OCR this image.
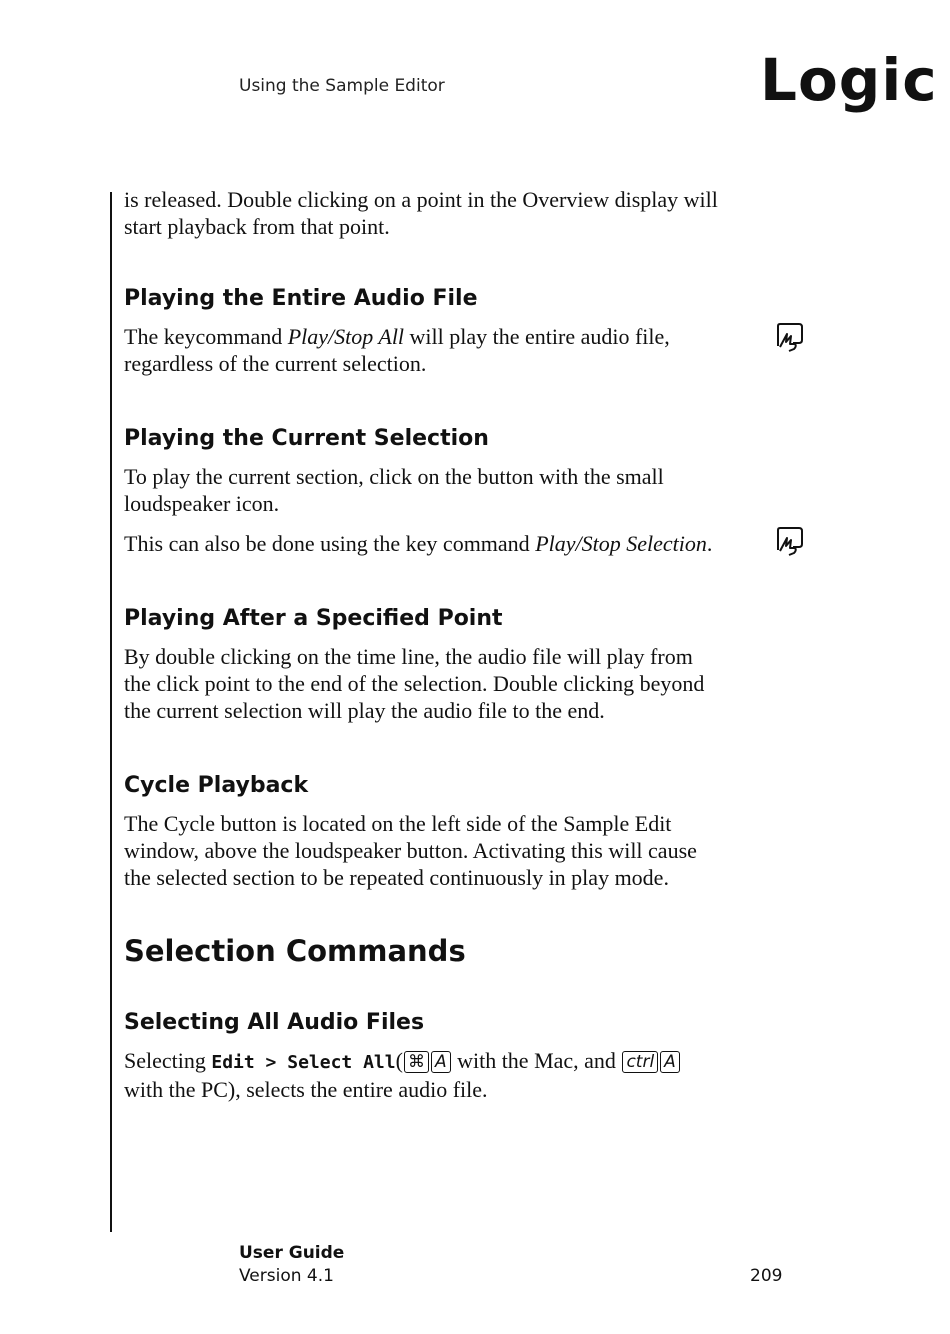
Using the Sample Editor	Logic

is released. Double clicking on a point in the Overview display will start playback from that point.

Playing the Entire Audio File

The keycommand Play/Stop All will play the entire audio file, regardless of the current selection.

Playing the Current Selection

To play the current section, click on the button with the small loudspeaker icon.

This can also be done using the key command Play/Stop Selection.

Playing After a Specified Point

By double clicking on the time line, the audio file will play from the click point to the end of the selection. Double clicking beyond the current selection will play the audio file to the end.

Cycle Playback

The Cycle button is located on the left side of the Sample Edit window, above the loudspeaker button. Activating this will cause the selected section to be repeated continuously in play mode.

Selection Commands
Selecting All Audio Files

Selecting Edit > Select All( ⌘ A with the Mac, and ctrl A with the PC), selects the entire audio file.

User Guide
Version 4.1	209
